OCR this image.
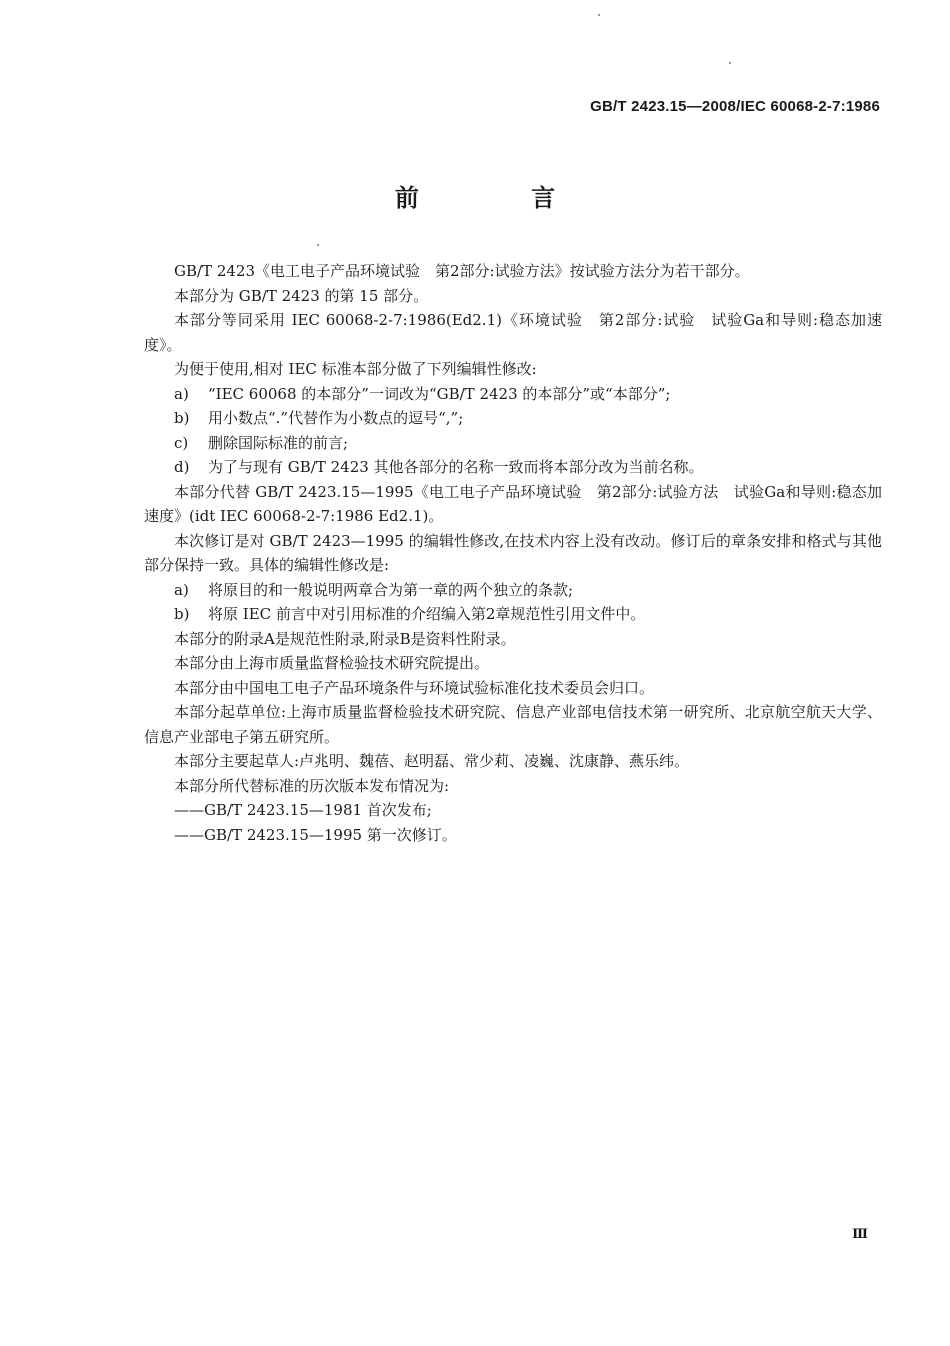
GB/T 2423.15—2008/IEC 60068-2-7:1986
前 言

GB/T 2423《电工电子产品环境试验　第2部分:试验方法》按试验方法分为若干部分。

本部分为 GB/T 2423 的第 15 部分。

本部分等同采用 IEC 60068-2-7:1986(Ed2.1)《环境试验　第2部分:试验　试验Ga和导则:稳态加速度》。

为便于使用,相对 IEC 标准本部分做了下列编辑性修改:

a) “IEC 60068 的本部分”一词改为“GB/T 2423 的本部分”或“本部分”;

b) 用小数点“.”代替作为小数点的逗号“,”;

c) 删除国际标准的前言;

d) 为了与现有 GB/T 2423 其他各部分的名称一致而将本部分改为当前名称。

本部分代替 GB/T 2423.15—1995《电工电子产品环境试验　第2部分:试验方法　试验Ga和导则:稳态加速度》(idt IEC 60068-2-7:1986 Ed2.1)。

本次修订是对 GB/T 2423—1995 的编辑性修改,在技术内容上没有改动。修订后的章条安排和格式与其他部分保持一致。具体的编辑性修改是:

a) 将原目的和一般说明两章合为第一章的两个独立的条款;

b) 将原 IEC 前言中对引用标准的介绍编入第2章规范性引用文件中。

本部分的附录A是规范性附录,附录B是资料性附录。

本部分由上海市质量监督检验技术研究院提出。

本部分由中国电工电子产品环境条件与环境试验标准化技术委员会归口。

本部分起草单位:上海市质量监督检验技术研究院、信息产业部电信技术第一研究所、北京航空航天大学、信息产业部电子第五研究所。

本部分主要起草人:卢兆明、魏蓓、赵明磊、常少莉、凌巍、沈康静、燕乐纬。

本部分所代替标准的历次版本发布情况为:

——GB/T 2423.15—1981 首次发布;

——GB/T 2423.15—1995 第一次修订。

Ⅲ
